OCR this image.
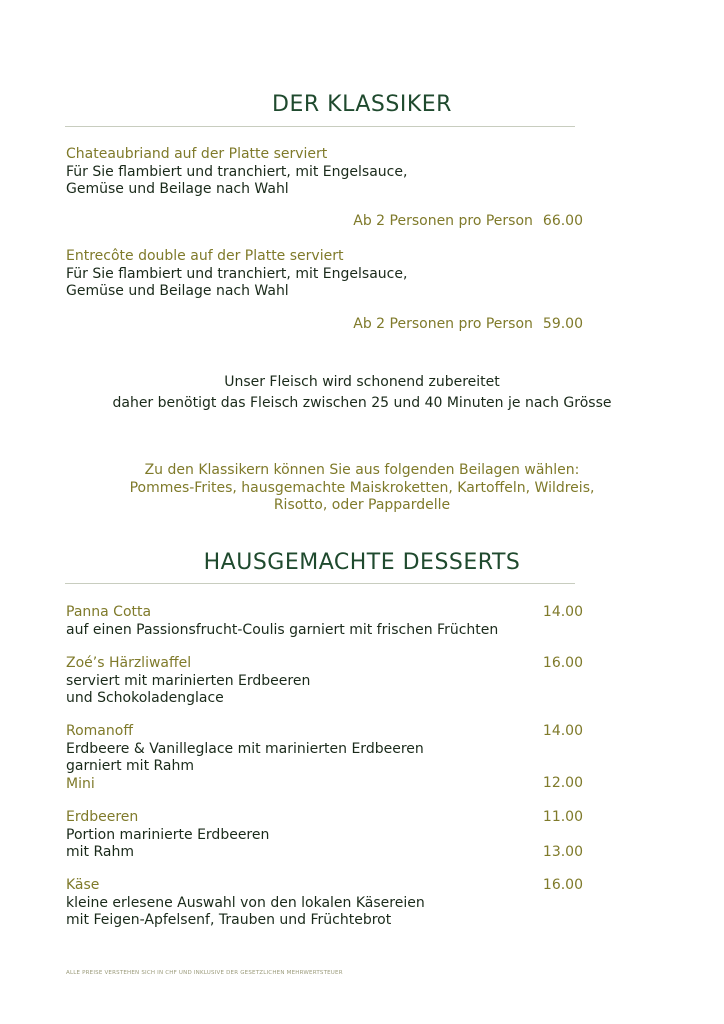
DER KLASSIKER
Chateaubriand auf der Platte serviert
Für Sie flambiert und tranchiert, mit Engelsauce,
Gemüse und Beilage nach Wahl
Ab 2 Personen pro Person 66.00
Entrecôte double auf der Platte serviert
Für Sie flambiert und tranchiert, mit Engelsauce,
Gemüse und Beilage nach Wahl
Ab 2 Personen pro Person 59.00
Unser Fleisch wird schonend zubereitet
daher benötigt das Fleisch zwischen 25 und 40 Minuten je nach Grösse
Zu den Klassikern können Sie aus folgenden Beilagen wählen:
Pommes-Frites, hausgemachte Maiskroketten, Kartoffeln, Wildreis,
Risotto, oder Pappardelle
HAUSGEMACHTE DESSERTS
Panna Cotta
auf einen Passionsfrucht-Coulis garniert mit frischen Früchten
14.00
Zoé’s Härzliwaffel
serviert mit marinierten Erdbeeren
und Schokoladenglace
16.00
Romanoff
Erdbeere & Vanilleglace mit marinierten Erdbeeren
garniert mit Rahm
Mini
14.00
12.00
Erdbeeren
Portion marinierte Erdbeeren
mit Rahm
11.00
13.00
Käse
kleine erlesene Auswahl von den lokalen Käsereien
mit Feigen-Apfelsenf, Trauben und Früchtebrot
16.00
ALLE PREISE VERSTEHEN SICH IN CHF UND INKLUSIVE DER GESETZLICHEN MEHRWERTSTEUER
